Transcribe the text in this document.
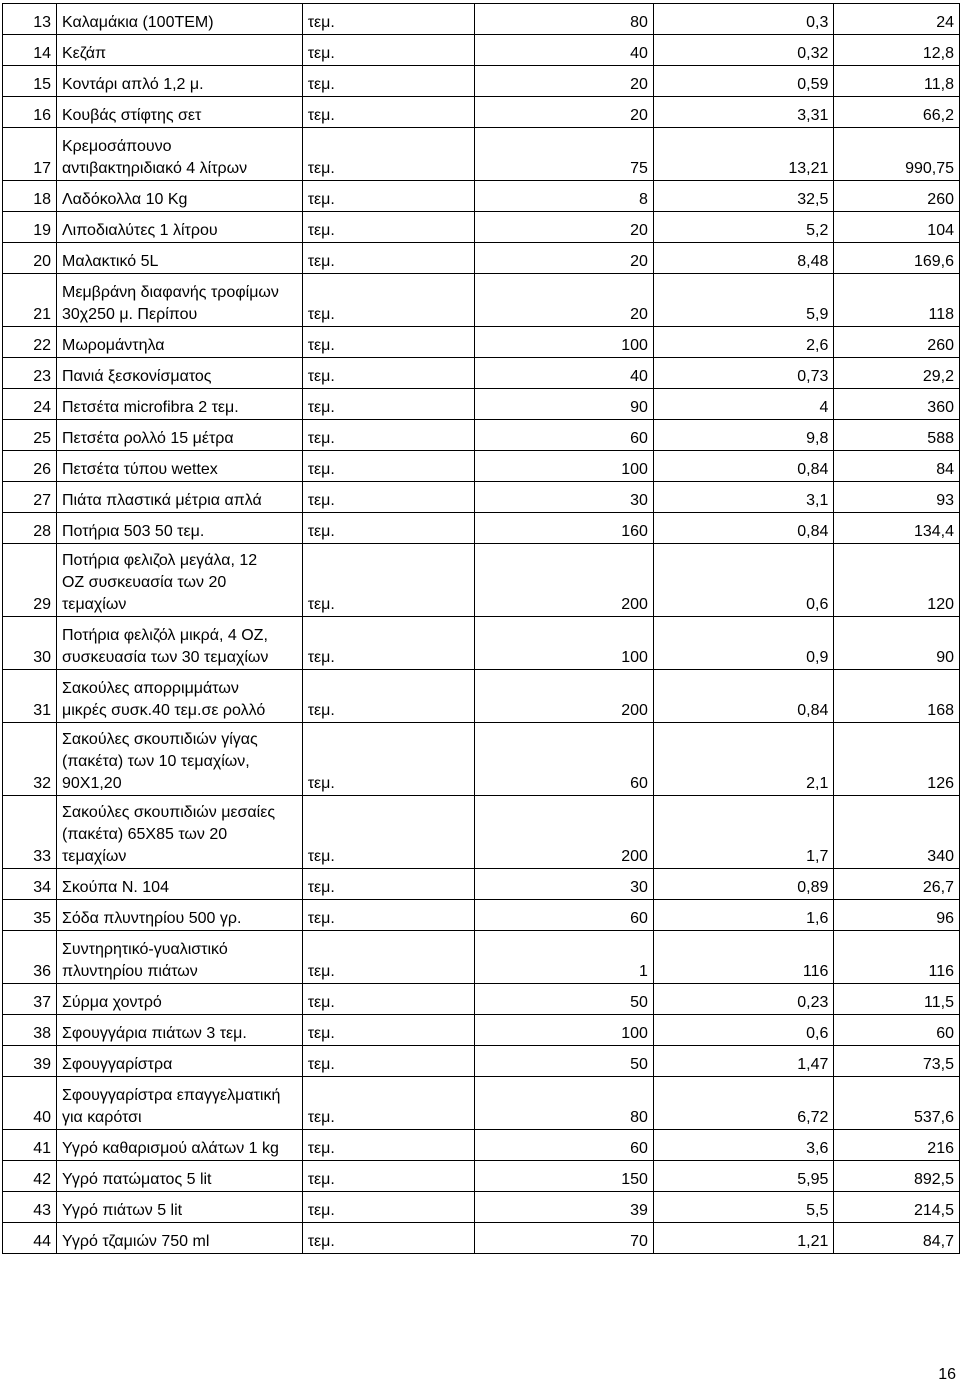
13	Καλαμάκια (100ΤΕΜ)	τεμ.	80	0,3	24
14	Κεζάπ	τεμ.	40	0,32	12,8
15	Κοντάρι απλό 1,2 μ.	τεμ.	20	0,59	11,8
16	Κουβάς στίφτης σετ	τεμ.	20	3,31	66,2
17	Κρεμοσάπουνο
αντιβακτηριδιακό 4 λίτρων	τεμ.	75	13,21	990,75
18	Λαδόκολλα 10 Kg	τεμ.	8	32,5	260
19	Λιποδιαλύτες 1 λίτρου	τεμ.	20	5,2	104
20	Μαλακτικό 5L	τεμ.	20	8,48	169,6
21	Μεμβράνη διαφανής τροφίμων
30χ250 μ. Περίπου	τεμ.	20	5,9	118
22	Μωρομάντηλα	τεμ.	100	2,6	260
23	Πανιά ξεσκονίσματος	τεμ.	40	0,73	29,2
24	Πετσέτα microfibra 2 τεμ.	τεμ.	90	4	360
25	Πετσέτα ρολλό 15 μέτρα	τεμ.	60	9,8	588
26	Πετσέτα τύπου wettex	τεμ.	100	0,84	84
27	Πιάτα πλαστικά μέτρια απλά	τεμ.	30	3,1	93
28	Ποτήρια 503 50 τεμ.	τεμ.	160	0,84	134,4
29	Ποτήρια φελιζολ μεγάλα, 12
ΟΖ συσκευασία των 20
τεμαχίων	τεμ.	200	0,6	120
30	Ποτήρια φελιζόλ μικρά, 4 ΟΖ,
συσκευασία των 30 τεμαχίων	τεμ.	100	0,9	90
31	Σακούλες απορριμμάτων
μικρές συσκ.40 τεμ.σε ρολλό	τεμ.	200	0,84	168
32	Σακούλες σκουπιδιών γίγας
(πακέτα) των 10 τεμαχίων,
90Χ1,20	τεμ.	60	2,1	126
33	Σακούλες σκουπιδιών μεσαίες
(πακέτα) 65Χ85 των 20
τεμαχίων	τεμ.	200	1,7	340
34	Σκούπα Ν. 104	τεμ.	30	0,89	26,7
35	Σόδα πλυντηρίου 500 γρ.	τεμ.	60	1,6	96
36	Συντηρητικό-γυαλιστικό
πλυντηρίου πιάτων	τεμ.	1	116	116
37	Σύρμα χοντρό	τεμ.	50	0,23	11,5
38	Σφουγγάρια πιάτων 3 τεμ.	τεμ.	100	0,6	60
39	Σφουγγαρίστρα	τεμ.	50	1,47	73,5
40	Σφουγγαρίστρα επαγγελματική
για καρότσι	τεμ.	80	6,72	537,6
41	Υγρό καθαρισμού αλάτων 1 kg	τεμ.	60	3,6	216
42	Υγρό πατώματος 5 lit	τεμ.	150	5,95	892,5
43	Υγρό πιάτων 5 lit	τεμ.	39	5,5	214,5
44	Υγρό τζαμιών 750 ml	τεμ.	70	1,21	84,7
16
